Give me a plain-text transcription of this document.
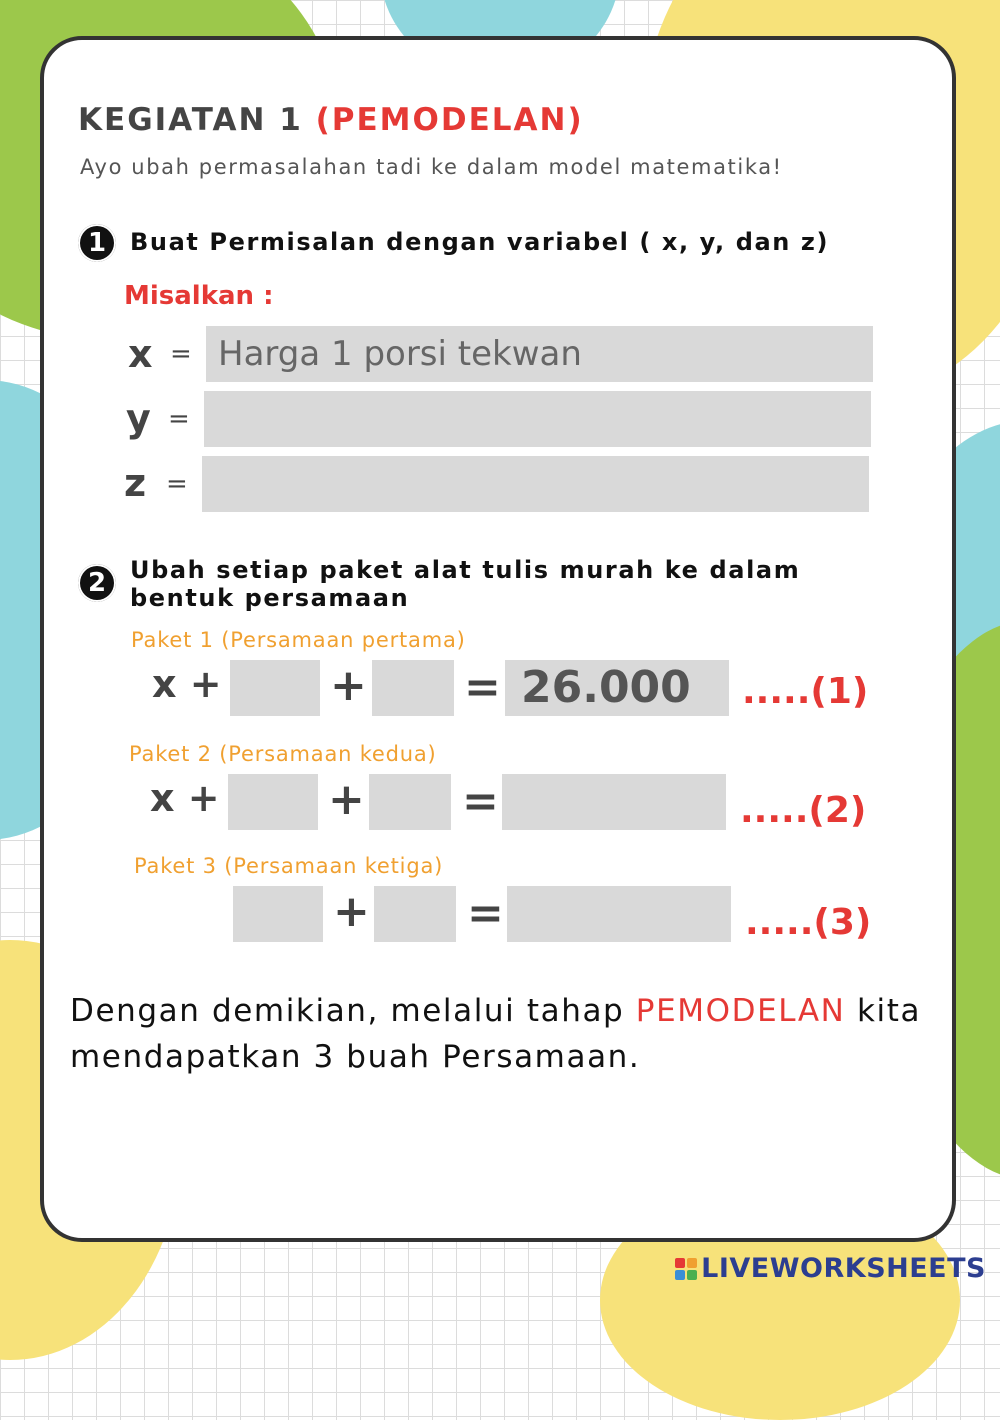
KEGIATAN 1 (PEMODELAN)
Ayo ubah permasalahan tadi ke dalam model matematika!
1 Buat Permisalan dengan variabel ( x, y, dan z)
Misalkan :
x = Harga 1 porsi tekwan
y =
z =
2 Ubah setiap paket alat tulis murah ke dalam
bentuk persamaan
Paket 1 (Persamaan pertama)
x + + = 26.000 .....(1)
Paket 2 (Persamaan kedua)
x + + =	.....(2)
Paket 3 (Persamaan ketiga)
+ =	.....(3)
Dengan demikian, melalui tahap PEMODELAN kita mendapatkan 3 buah Persamaan.
LIVEWORKSHEETS
